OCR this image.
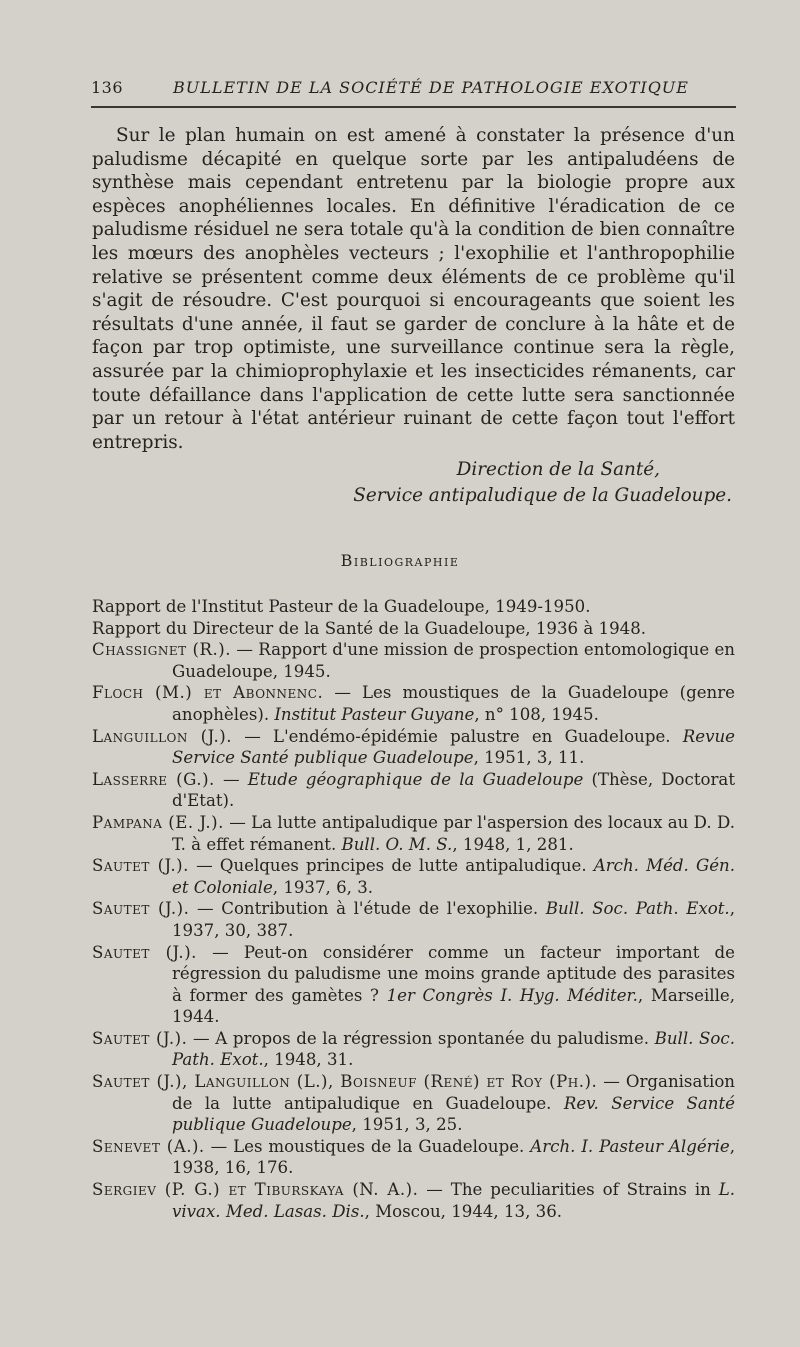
136	BULLETIN DE LA SOCIÉTÉ DE PATHOLOGIE EXOTIQUE

Sur le plan humain on est amené à constater la présence d'un paludisme décapité en quelque sorte par les antipaludéens de synthèse mais cependant entretenu par la biologie propre aux espèces anophéliennes locales. En définitive l'éradication de ce paludisme résiduel ne sera totale qu'à la condition de bien connaître les mœurs des anophèles vecteurs ; l'exophilie et l'anthropophilie relative se présentent comme deux éléments de ce problème qu'il s'agit de résoudre. C'est pourquoi si encourageants que soient les résultats d'une année, il faut se garder de conclure à la hâte et de façon par trop optimiste, une surveillance continue sera la règle, assurée par la chimioprophylaxie et les insecticides rémanents, car toute défaillance dans l'application de cette lutte sera sanctionnée par un retour à l'état antérieur ruinant de cette façon tout l'effort entrepris.

Direction de la Santé,
Service antipaludique de la Guadeloupe.
Bibliographie
Rapport de l'Institut Pasteur de la Guadeloupe, 1949-1950.
Rapport du Directeur de la Santé de la Guadeloupe, 1936 à 1948.
Chassignet (R.). — Rapport d'une mission de prospection entomologique en Guadeloupe, 1945.
Floch (M.) et Abonnenc. — Les moustiques de la Guadeloupe (genre anophèles). Institut Pasteur Guyane, n° 108, 1945.
Languillon (J.). — L'endémo-épidémie palustre en Guadeloupe. Revue Service Santé publique Guadeloupe, 1951, 3, 11.
Lasserre (G.). — Etude géographique de la Guadeloupe (Thèse, Doctorat d'Etat).
Pampana (E. J.). — La lutte antipaludique par l'aspersion des locaux au D. D. T. à effet rémanent. Bull. O. M. S., 1948, 1, 281.
Sautet (J.). — Quelques principes de lutte antipaludique. Arch. Méd. Gén. et Coloniale, 1937, 6, 3.
Sautet (J.). — Contribution à l'étude de l'exophilie. Bull. Soc. Path. Exot., 1937, 30, 387.
Sautet (J.). — Peut-on considérer comme un facteur important de régression du paludisme une moins grande aptitude des parasites à former des gamètes ? 1er Congrès I. Hyg. Méditer., Marseille, 1944.
Sautet (J.). — A propos de la régression spontanée du paludisme. Bull. Soc. Path. Exot., 1948, 31.
Sautet (J.), Languillon (L.), Boisneuf (René) et Roy (Ph.). — Organisation de la lutte antipaludique en Guadeloupe. Rev. Service Santé publique Guadeloupe, 1951, 3, 25.
Senevet (A.). — Les moustiques de la Guadeloupe. Arch. I. Pasteur Algérie, 1938, 16, 176.
Sergiev (P. G.) et Tiburskaya (N. A.). — The peculiarities of Strains in L. vivax. Med. Lasas. Dis., Moscou, 1944, 13, 36.
